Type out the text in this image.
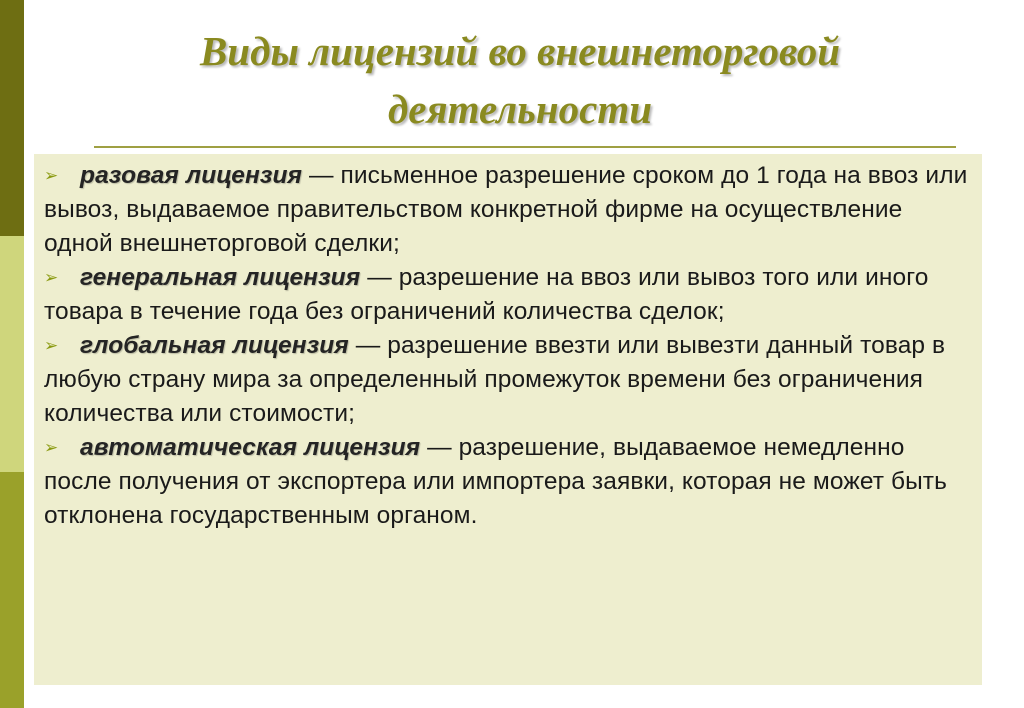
Виды лицензий во внешнеторговой
деятельности
➢ разовая лицензия — письменное разрешение сроком до 1 года на ввоз или вывоз, выдаваемое правительством конкретной фирме на осуществление одной внешнеторговой сделки;
➢ генеральная лицензия — разрешение на ввоз или вывоз того или иного товара в течение года без ограничений количества сделок;
➢ глобальная лицензия — разрешение ввезти или вывезти данный товар в любую страну мира за определенный промежуток времени без ограничения количества или стоимости;
➢ автоматическая лицензия — разрешение, выдаваемое немедленно после получения от экспортера или импортера заявки, которая не может быть отклонена государственным органом.
